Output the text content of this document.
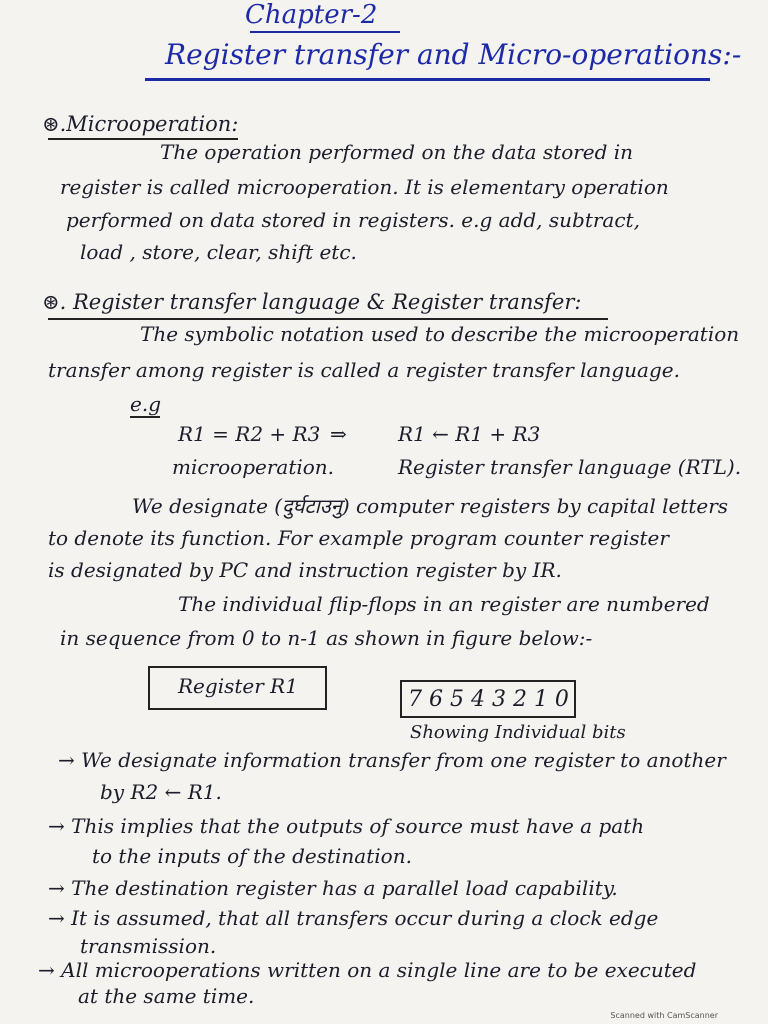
Chapter-2
Register transfer and Micro-operations:-
⊛.Microoperation:
The operation performed on the data stored in
register is called microoperation. It is elementary operation
performed on data stored in registers. e.g add, subtract,
load , store, clear, shift etc.
⊛. Register transfer language & Register transfer:
The symbolic notation used to describe the microoperation
transfer among register is called a register transfer language.
e.g
R1 = R2 + R3 ⇒	R1 ← R1 + R3
microoperation.	Register transfer language (RTL).
We designate (दुर्घटाउनु) computer registers by capital letters
to denote its function. For example program counter register
is designated by PC and instruction register by IR.
The individual flip-flops in an register are numbered
in sequence from 0 to n-1 as shown in figure below:-
Register R1
7 6 5 4 3 2 1 0
Showing Individual bits
→ We designate information transfer from one register to another
by R2 ← R1.
→ This implies that the outputs of source must have a path
to the inputs of the destination.
→ The destination register has a parallel load capability.
→ It is assumed, that all transfers occur during a clock edge
transmission.
→ All microoperations written on a single line are to be executed
at the same time.
Scanned with CamScanner
